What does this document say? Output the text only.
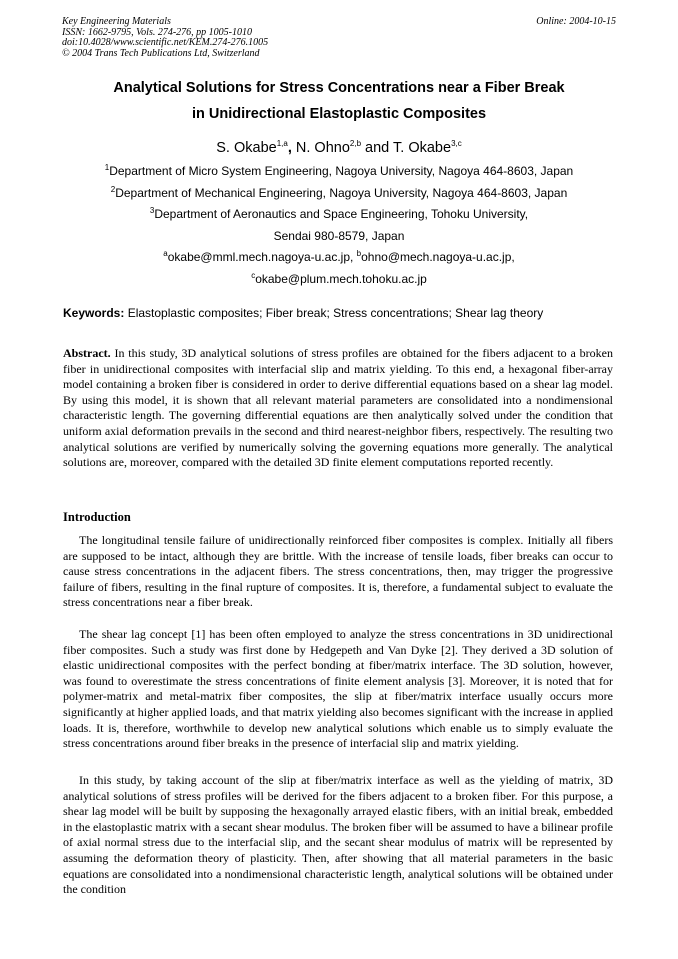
Key Engineering Materials
ISSN: 1662-9795, Vols. 274-276, pp 1005-1010
doi:10.4028/www.scientific.net/KEM.274-276.1005
© 2004 Trans Tech Publications Ltd, Switzerland
Online: 2004-10-15
Analytical Solutions for Stress Concentrations near a Fiber Break
in Unidirectional Elastoplastic Composites
S. Okabe$^{1,a}$, N. Ohno$^{2,b}$ and T. Okabe$^{3,c}$
$^1$Department of Micro System Engineering, Nagoya University, Nagoya 464-8603, Japan
$^2$Department of Mechanical Engineering, Nagoya University, Nagoya 464-8603, Japan
$^3$Department of Aeronautics and Space Engineering, Tohoku University,
Sendai 980-8579, Japan
$^a$okabe@mml.mech.nagoya-u.ac.jp, $^b$ohno@mech.nagoya-u.ac.jp,
$^c$okabe@plum.mech.tohoku.ac.jp
Keywords: Elastoplastic composites; Fiber break; Stress concentrations; Shear lag theory
Abstract. In this study, 3D analytical solutions of stress profiles are obtained for the fibers adjacent to a broken fiber in unidirectional composites with interfacial slip and matrix yielding. To this end, a hexagonal fiber-array model containing a broken fiber is considered in order to derive differential equations based on a shear lag model. By using this model, it is shown that all relevant material parameters are consolidated into a nondimensional characteristic length. The governing differential equations are then analytically solved under the condition that uniform axial deformation prevails in the second and third nearest-neighbor fibers, respectively. The resulting two analytical solutions are verified by numerically solving the governing equations more generally. The analytical solutions are, moreover, compared with the detailed 3D finite element computations reported recently.
Introduction
The longitudinal tensile failure of unidirectionally reinforced fiber composites is complex. Initially all fibers are supposed to be intact, although they are brittle. With the increase of tensile loads, fiber breaks can occur to cause stress concentrations in the adjacent fibers. The stress concentrations, then, may trigger the progressive failure of fibers, resulting in the final rupture of composites. It is, therefore, a fundamental subject to evaluate the stress concentrations near a fiber break.
The shear lag concept [1] has been often employed to analyze the stress concentrations in 3D unidirectional fiber composites. Such a study was first done by Hedgepeth and Van Dyke [2]. They derived a 3D solution of elastic unidirectional composites with the perfect bonding at fiber/matrix interface. The 3D solution, however, was found to overestimate the stress concentrations of finite element analysis [3]. Moreover, it is noted that for polymer-matrix and metal-matrix fiber composites, the slip at fiber/matrix interface usually occurs more significantly at higher applied loads, and that matrix yielding also becomes significant with the increase in applied loads. It is, therefore, worthwhile to develop new analytical solutions which enable us to simply evaluate the stress concentrations around fiber breaks in the presence of interfacial slip and matrix yielding.
In this study, by taking account of the slip at fiber/matrix interface as well as the yielding of matrix, 3D analytical solutions of stress profiles will be derived for the fibers adjacent to a broken fiber. For this purpose, a shear lag model will be built by supposing the hexagonally arrayed elastic fibers, with an initial break, embedded in the elastoplastic matrix with a secant shear modulus. The broken fiber will be assumed to have a bilinear profile of axial normal stress due to the interfacial slip, and the secant shear modulus of matrix will be represented by assuming the deformation theory of plasticity. Then, after showing that all material parameters in the basic equations are consolidated into a nondimensional characteristic length, analytical solutions will be obtained under the condition
